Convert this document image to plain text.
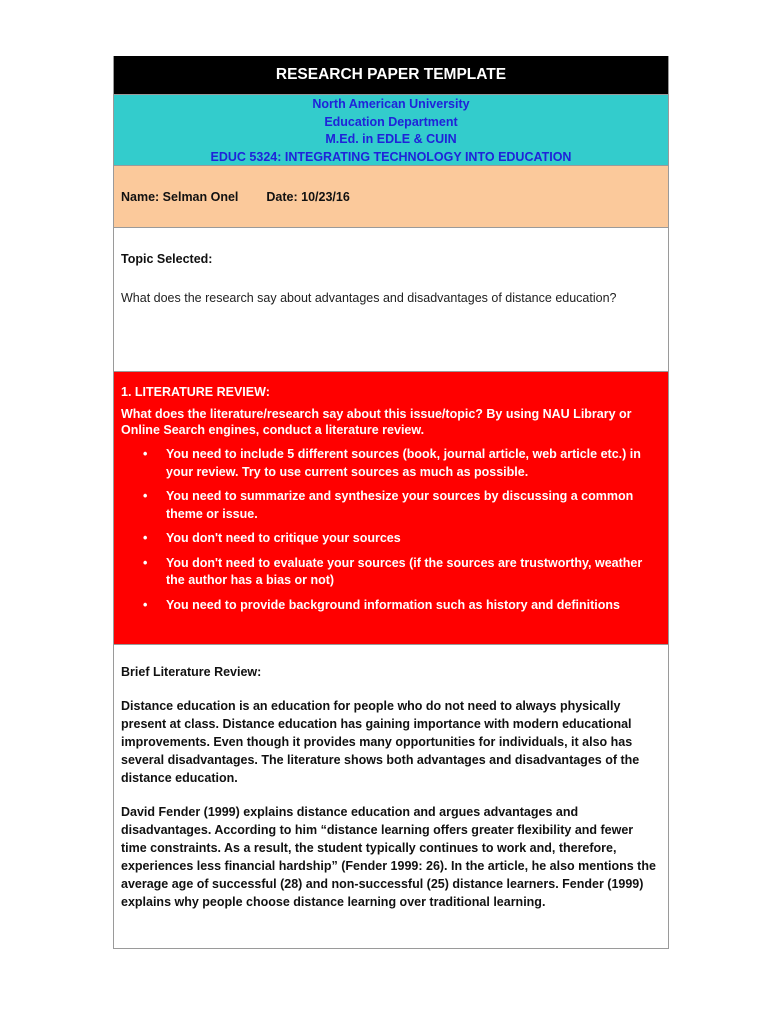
RESEARCH PAPER TEMPLATE
North American University
Education Department
M.Ed. in EDLE & CUIN
EDUC 5324: INTEGRATING TECHNOLOGY INTO EDUCATION
Name: Selman Onel Date: 10/23/16
Topic Selected:
What does the research say about advantages and disadvantages of distance education?
1. LITERATURE REVIEW:
What does the literature/research say about this issue/topic? By using NAU Library or Online Search engines, conduct a literature review.
• You need to include 5 different sources (book, journal article, web article etc.) in your review. Try to use current sources as much as possible.
• You need to summarize and synthesize your sources by discussing a common theme or issue.
• You don't need to critique your sources
• You don't need to evaluate your sources (if the sources are trustworthy, weather the author has a bias or not)
• You need to provide background information such as history and definitions
Brief Literature Review:

Distance education is an education for people who do not need to always physically present at class. Distance education has gaining importance with modern educational improvements. Even though it provides many opportunities for individuals, it also has several disadvantages. The literature shows both advantages and disadvantages of the distance education.

David Fender (1999) explains distance education and argues advantages and disadvantages. According to him “distance learning offers greater flexibility and fewer time constraints. As a result, the student typically continues to work and, therefore, experiences less financial hardship” (Fender 1999: 26). In the article, he also mentions the average age of successful (28) and non-successful (25) distance learners. Fender (1999) explains why people choose distance learning over traditional learning.
